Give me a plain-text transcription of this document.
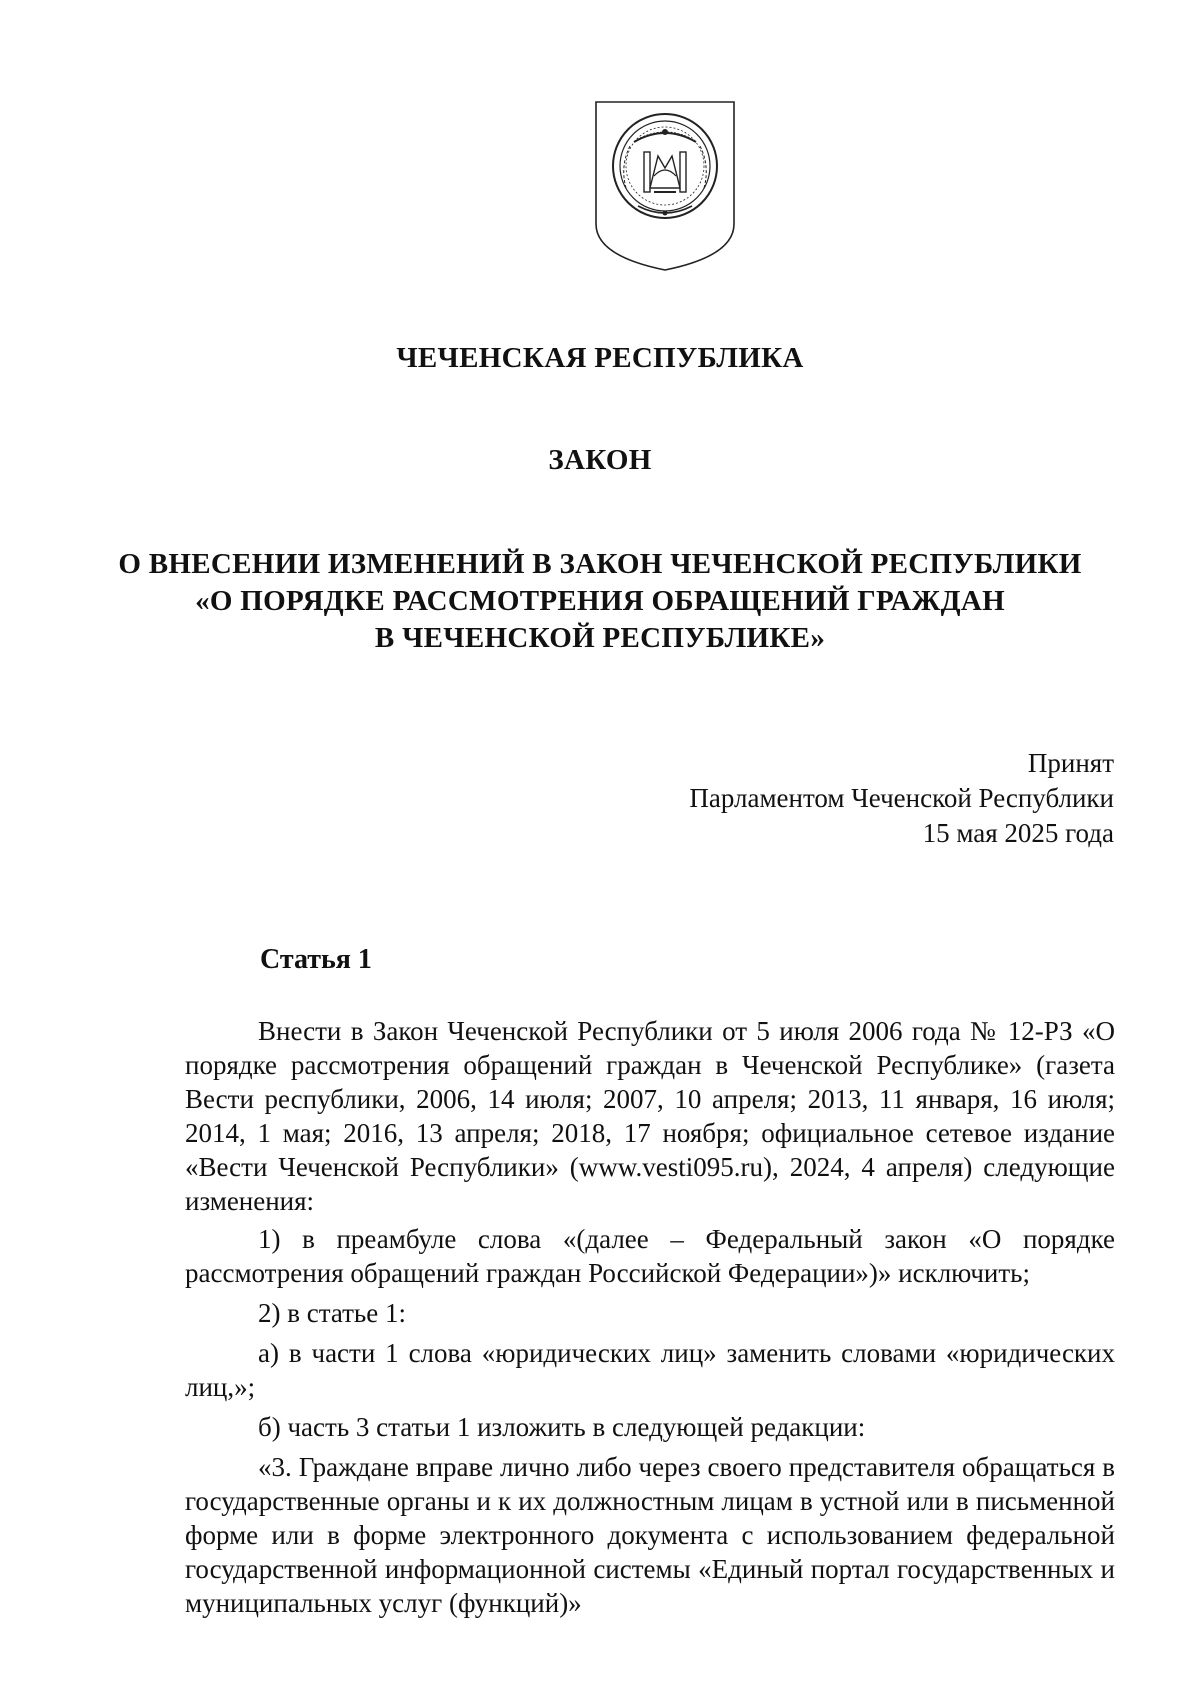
ЧЕЧЕНСКАЯ РЕСПУБЛИКА
ЗАКОН
О ВНЕСЕНИИ ИЗМЕНЕНИЙ В ЗАКОН ЧЕЧЕНСКОЙ РЕСПУБЛИКИ
«О ПОРЯДКЕ РАССМОТРЕНИЯ ОБРАЩЕНИЙ ГРАЖДАН
В ЧЕЧЕНСКОЙ РЕСПУБЛИКЕ»
Принят
Парламентом Чеченской Республики
15 мая 2025 года
Статья 1

Внести в Закон Чеченской Республики от 5 июля 2006 года № 12-РЗ «О порядке рассмотрения обращений граждан в Чеченской Республике» (газета Вести республики, 2006, 14 июля; 2007, 10 апреля; 2013, 11 января, 16 июля; 2014, 1 мая; 2016, 13 апреля; 2018, 17 ноября; официальное сетевое издание «Вести Чеченской Республики» (www.vesti095.ru), 2024, 4 апреля) следующие изменения:

1) в преамбуле слова «(далее – Федеральный закон «О порядке рассмотрения обращений граждан Российской Федерации»)» исключить;

2) в статье 1:

а) в части 1 слова «юридических лиц» заменить словами «юридических лиц,»;

б) часть 3 статьи 1 изложить в следующей редакции:

«3. Граждане вправе лично либо через своего представителя обращаться в государственные органы и к их должностным лицам в устной или в письменной форме или в форме электронного документа с использованием федеральной государственной информационной системы «Единый портал государственных и муниципальных услуг (функций)»
